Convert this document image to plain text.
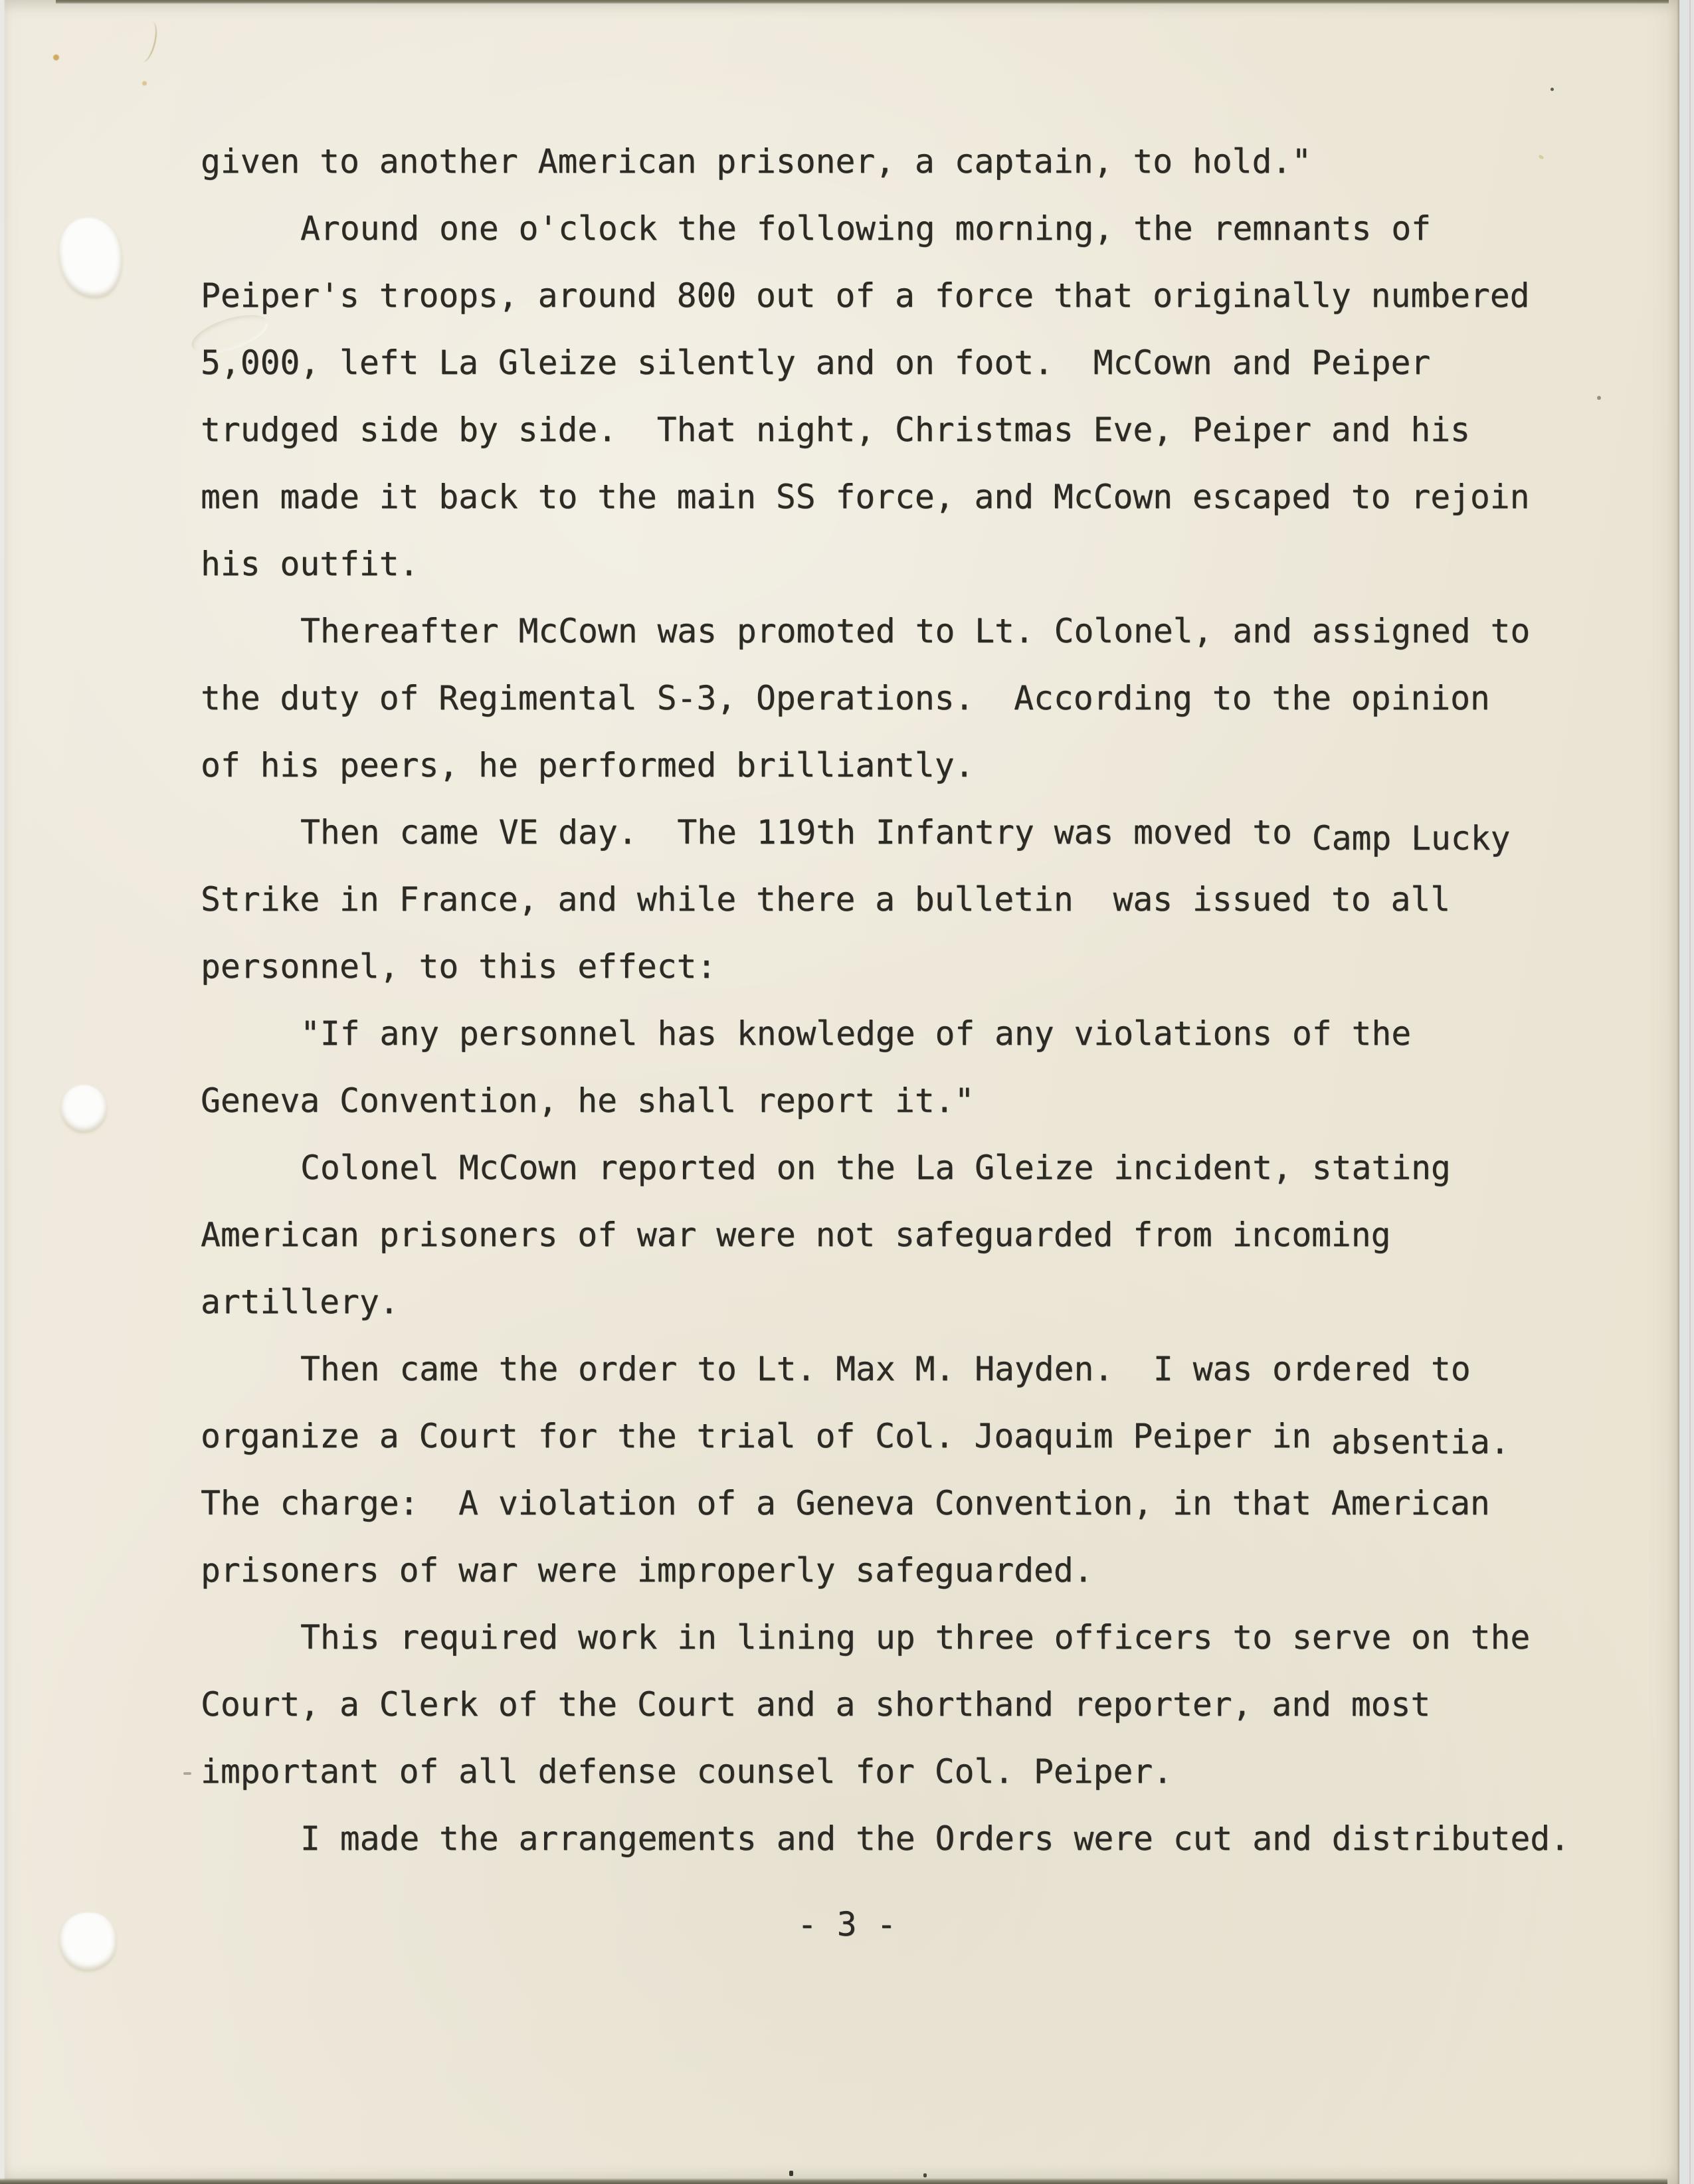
given to another American prisoner, a captain, to hold."
Around one o'clock the following morning, the remnants of
Peiper's troops, around 800 out of a force that originally numbered
5,000, left La Gleize silently and on foot.  McCown and Peiper
trudged side by side.  That night, Christmas Eve, Peiper and his
men made it back to the main SS force, and McCown escaped to rejoin
his outfit.
Thereafter McCown was promoted to Lt. Colonel, and assigned to
the duty of Regimental S-3, Operations.  According to the opinion
of his peers, he performed brilliantly.
Then came VE day.  The 119th Infantry was moved to Camp Lucky
Strike in France, and while there a bulletin  was issued to all
personnel, to this effect:
"If any personnel has knowledge of any violations of the
Geneva Convention, he shall report it."
Colonel McCown reported on the La Gleize incident, stating
American prisoners of war were not safeguarded from incoming
artillery.
Then came the order to Lt. Max M. Hayden.  I was ordered to
organize a Court for the trial of Col. Joaquim Peiper in absentia.
The charge:  A violation of a Geneva Convention, in that American
prisoners of war were improperly safeguarded.
This required work in lining up three officers to serve on the
Court, a Clerk of the Court and a shorthand reporter, and most
important of all defense counsel for Col. Peiper.
I made the arrangements and the Orders were cut and distributed.
- 3 -
